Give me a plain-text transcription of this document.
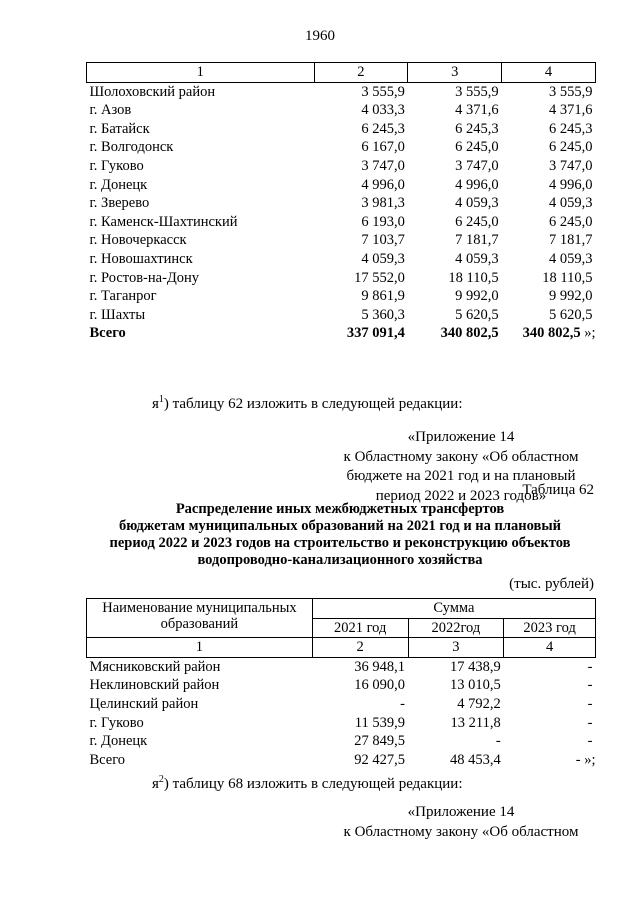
1960
1	2	3	4
Шолоховский район	3 555,9	3 555,9	3 555,9
г. Азов	4 033,3	4 371,6	4 371,6
г. Батайск	6 245,3	6 245,3	6 245,3
г. Волгодонск	6 167,0	6 245,0	6 245,0
г. Гуково	3 747,0	3 747,0	3 747,0
г. Донецк	4 996,0	4 996,0	4 996,0
г. Зверево	3 981,3	4 059,3	4 059,3
г. Каменск-Шахтинский	6 193,0	6 245,0	6 245,0
г. Новочеркасск	7 103,7	7 181,7	7 181,7
г. Новошахтинск	4 059,3	4 059,3	4 059,3
г. Ростов-на-Дону	17 552,0	18 110,5	18 110,5
г. Таганрог	9 861,9	9 992,0	9 992,0
г. Шахты	5 360,3	5 620,5	5 620,5
Всего	337 091,4	340 802,5	340 802,5 »;
$я^1$) таблицу 62 изложить в следующей редакции:
«Приложение 14
к Областному закону «Об областном
бюджете на 2021 год и на плановый
период 2022 и 2023 годов»
Таблица 62
Распределение иных межбюджетных трансфертов
бюджетам муниципальных образований на 2021 год и на плановый
период 2022 и 2023 годов на строительство и реконструкцию объектов
водопроводно-канализационного хозяйства
(тыс. рублей)
Наименование муниципальных
образований	Сумма		
	2021 год	2022год	2023 год
1	2	3	4
Мясниковский район	36 948,1	17 438,9	-
Неклиновский район	16 090,0	13 010,5	-
Целинский район	-	4 792,2	-
г. Гуково	11 539,9	13 211,8	-
г. Донецк	27 849,5	-	-
Всего	92 427,5	48 453,4	- »;
$я^2$) таблицу 68 изложить в следующей редакции:
«Приложение 14
к Областному закону «Об областном
